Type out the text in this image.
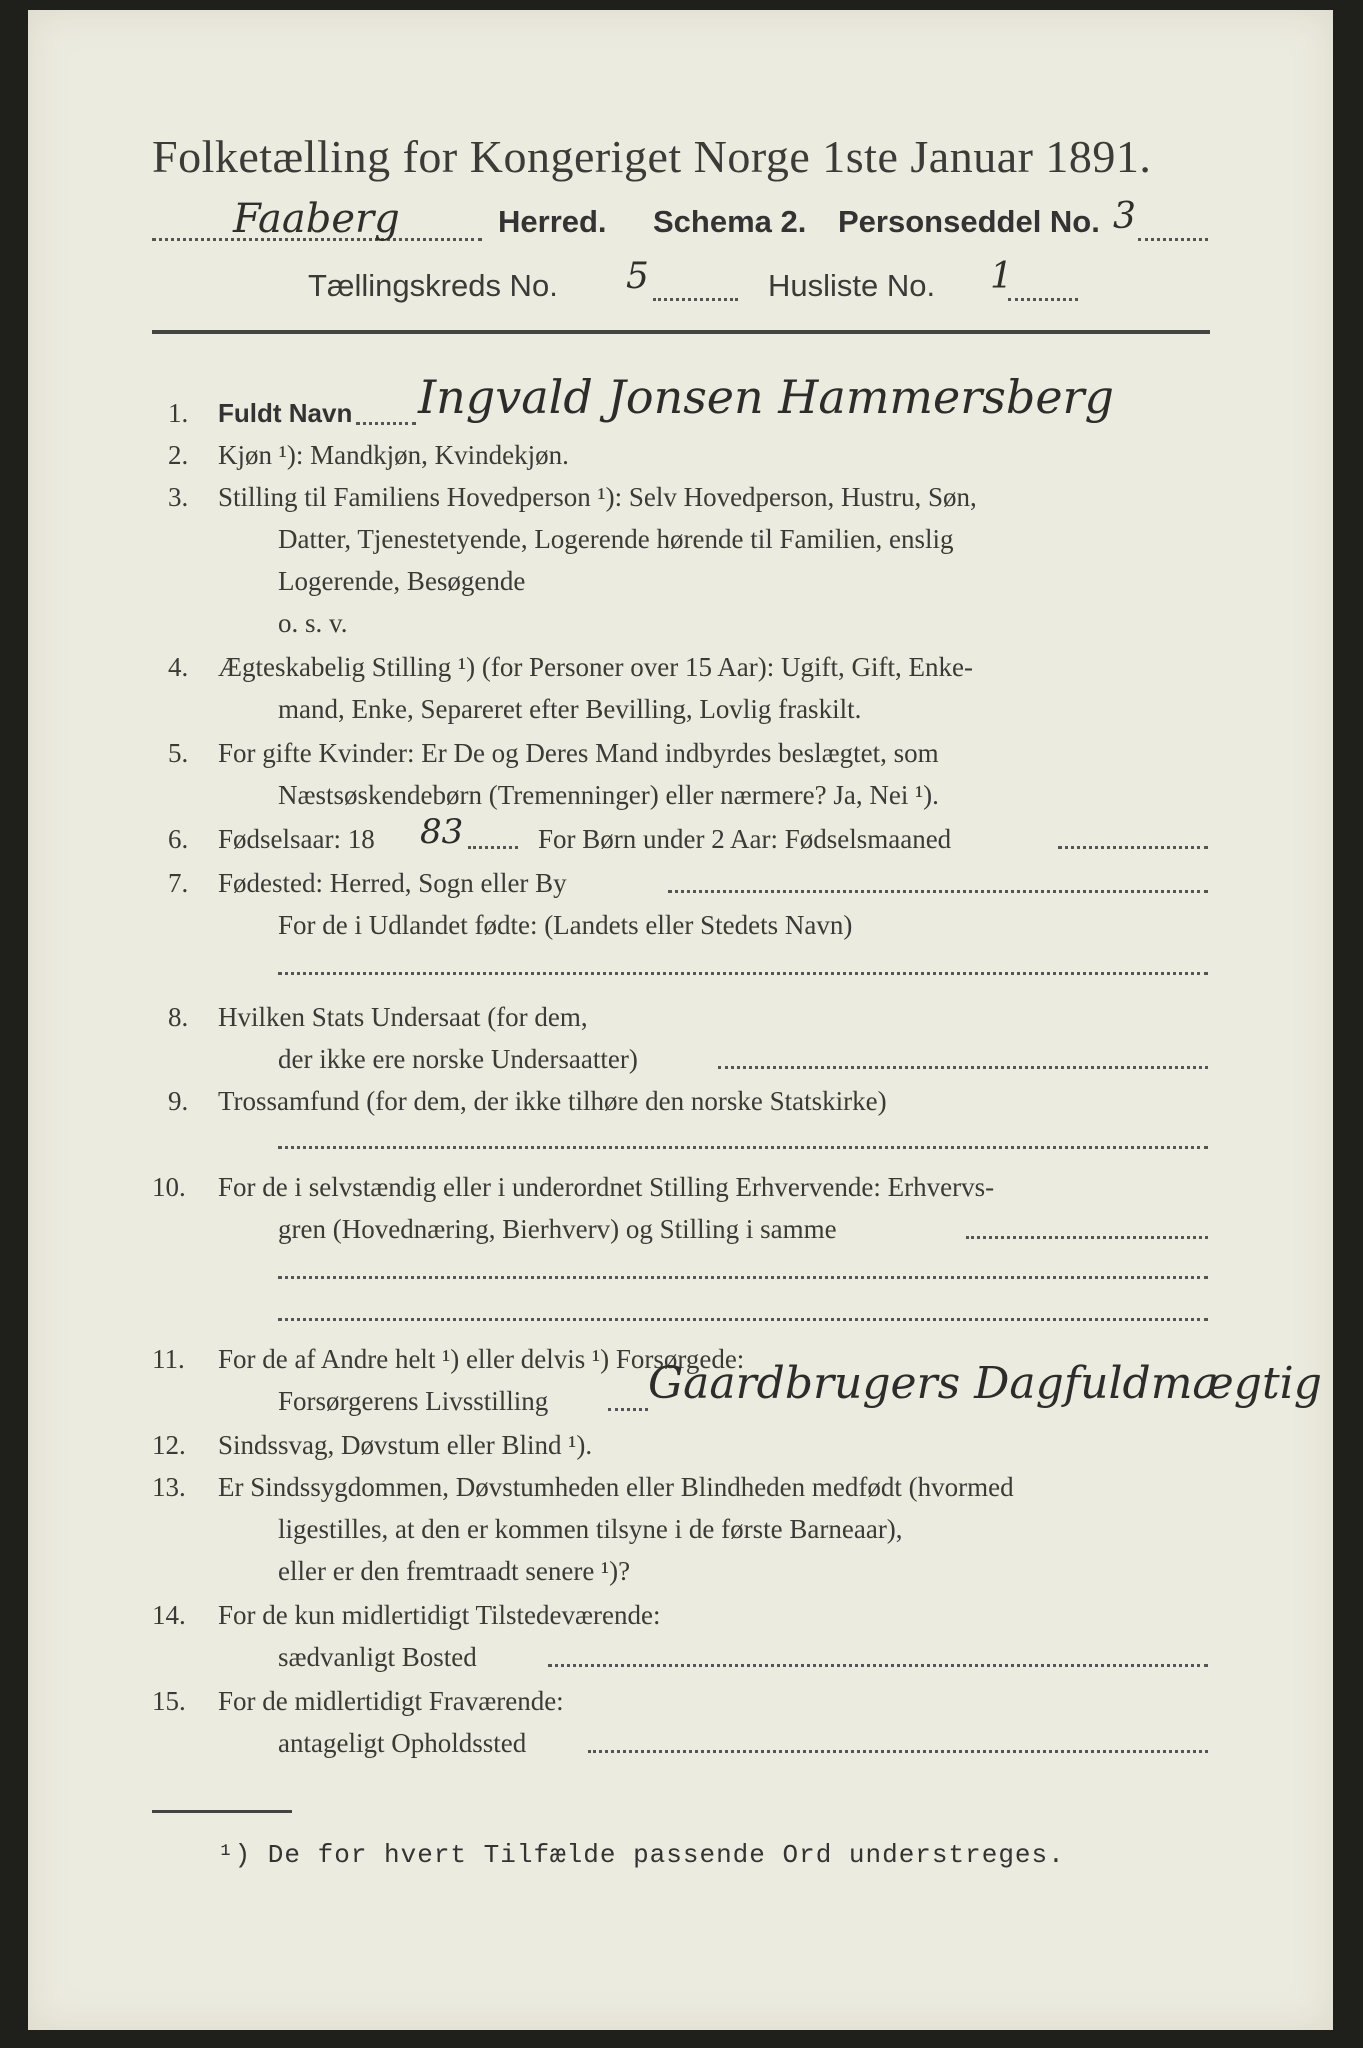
Folketælling for Kongeriget Norge 1ste Januar 1891.
Faaberg	Herred. Schema 2. Personseddel No. 3
Tællingskreds No. 5	Husliste No. 1
1. Fuldt Navn Ingvald Jonsen Hammersberg
2. Kjøn ¹): Mandkjøn, Kvindekjøn.
3. Stilling til Familiens Hovedperson ¹): Selv Hovedperson, Hustru, Søn,
Datter, Tjenestetyende, Logerende hørende til Familien, enslig
Logerende, Besøgende
o. s. v.
4. Ægteskabelig Stilling ¹) (for Personer over 15 Aar): Ugift, Gift, Enke-
mand, Enke, Separeret efter Bevilling, Lovlig fraskilt.
5. For gifte Kvinder: Er De og Deres Mand indbyrdes beslægtet, som
Næstsøskendebørn (Tremenninger) eller nærmere? Ja, Nei ¹).
6. Fødselsaar: 18 83	For Børn under 2 Aar: Fødselsmaaned
7. Fødested: Herred, Sogn eller By
For de i Udlandet fødte: (Landets eller Stedets Navn)
8. Hvilken Stats Undersaat (for dem,
der ikke ere norske Undersaatter)
9. Trossamfund (for dem, der ikke tilhøre den norske Statskirke)
10. For de i selvstændig eller i underordnet Stilling Erhvervende: Erhvervs-
gren (Hovednæring, Bierhverv) og Stilling i samme
11. For de af Andre helt ¹) eller delvis ¹) Forsørgede:
Forsørgerens Livsstilling Gaardbrugers Dagfuldmægtig
12. Sindssvag, Døvstum eller Blind ¹).
13. Er Sindssygdommen, Døvstumheden eller Blindheden medfødt (hvormed
ligestilles, at den er kommen tilsyne i de første Barneaar),
eller er den fremtraadt senere ¹)?
14. For de kun midlertidigt Tilstedeværende:
sædvanligt Bosted
15. For de midlertidigt Fraværende:
antageligt Opholdssted
¹) De for hvert Tilfælde passende Ord understreges.
